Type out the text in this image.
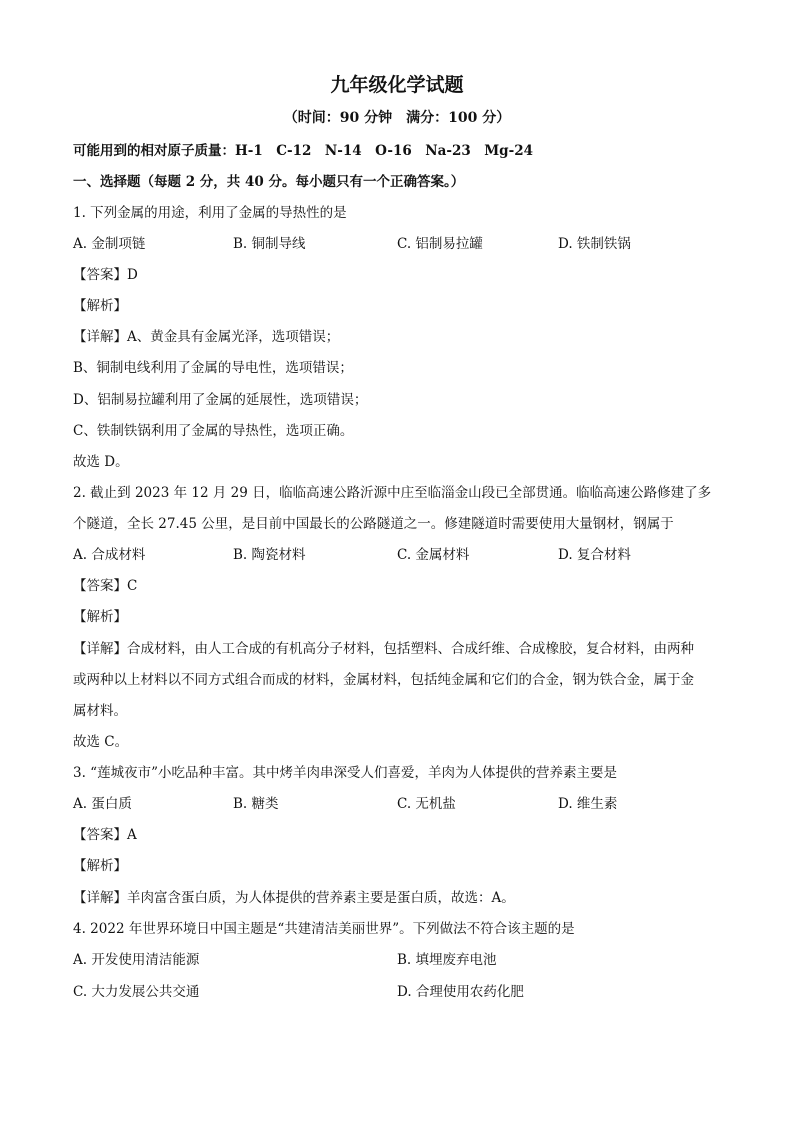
九年级化学试题
（时间：90 分钟　满分：100 分）
可能用到的相对原子质量：H-1　C-12　N-14　O-16　Na-23　Mg-24
一、选择题（每题 2 分，共 40 分。每小题只有一个正确答案。）
1. 下列金属的用途，利用了金属的导热性的是
A. 金制项链	B. 铜制导线	C. 铝制易拉罐	D. 铁制铁锅
【答案】D
【解析】
【详解】A、黄金具有金属光泽，选项错误；
B、铜制电线利用了金属的导电性，选项错误；
D、铝制易拉罐利用了金属的延展性，选项错误；
C、铁制铁锅利用了金属的导热性，选项正确。
故选 D。
2. 截止到 2023 年 12 月 29 日，临临高速公路沂源中庄至临淄金山段已全部贯通。临临高速公路修建了多
个隧道，全长 27.45 公里，是目前中国最长的公路隧道之一。修建隧道时需要使用大量钢材，钢属于
A. 合成材料	B. 陶瓷材料	C. 金属材料	D. 复合材料
【答案】C
【解析】
【详解】合成材料，由人工合成的有机高分子材料，包括塑料、合成纤维、合成橡胶，复合材料，由两种
或两种以上材料以不同方式组合而成的材料，金属材料，包括纯金属和它们的合金，钢为铁合金，属于金
属材料。
故选 C。
3. “莲城夜市”小吃品种丰富。其中烤羊肉串深受人们喜爱，羊肉为人体提供的营养素主要是
A. 蛋白质	B. 糖类	C. 无机盐	D. 维生素
【答案】A
【解析】
【详解】羊肉富含蛋白质，为人体提供的营养素主要是蛋白质，故选：A。
4. 2022 年世界环境日中国主题是“共建清洁美丽世界”。下列做法不符合该主题的是
A. 开发使用清洁能源	B. 填埋废弃电池
C. 大力发展公共交通	D. 合理使用农药化肥
